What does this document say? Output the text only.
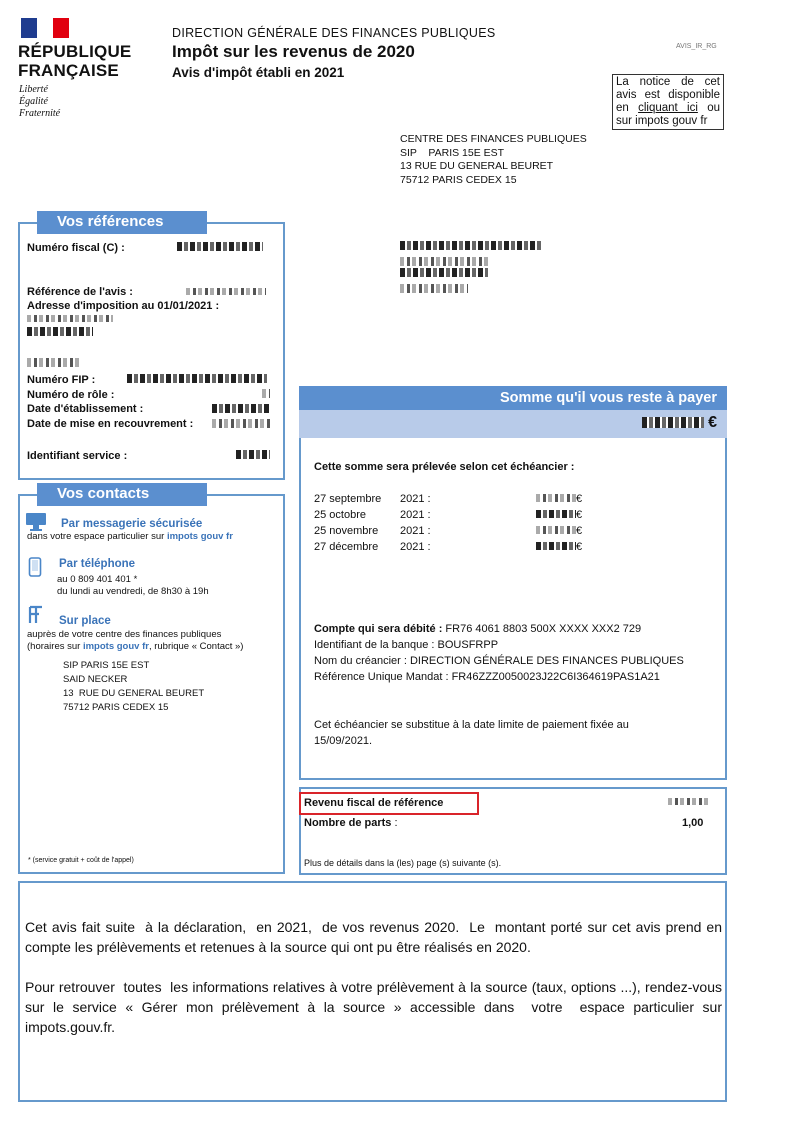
RÉPUBLIQUE
FRANÇAISE
Liberté
Égalité
Fraternité
DIRECTION GÉNÉRALE DES FINANCES PUBLIQUES
Impôt sur les revenus de 2020
Avis d'impôt établi en 2021
AVIS_IR_RG
La notice de cet avis est disponible en cliquant ici ou sur impots gouv fr
CENTRE DES FINANCES PUBLIQUES
SIP    PARIS 15E EST
13 RUE DU GENERAL BEURET
75712 PARIS CEDEX 15
Vos références
Numéro fiscal (C) :
Référence de l'avis :
Adresse d'imposition au 01/01/2021 :
Numéro FIP :
Numéro de rôle :
Date d'établissement :
Date de mise en recouvrement :
Identifiant service :
Vos contacts
Par messagerie sécurisée
dans votre espace particulier sur impots gouv fr
Par téléphone
au 0 809 401 401 *
du lundi au vendredi, de 8h30 à 19h
Sur place
auprès de votre centre des finances publiques
(horaires sur impots gouv fr, rubrique « Contact »)
SIP PARIS 15E EST
SAID NECKER
13  RUE DU GENERAL BEURET
75712 PARIS CEDEX 15
* (service gratuit + coût de l'appel)
Somme qu'il vous reste à payer
€
Cette somme sera prélevée selon cet échéancier :
27 septembre 2021 :
25 octobre	2021 :
25 novembre 2021 :
27 décembre 2021 :
€
€
€
€
Compte qui sera débité : FR76 4061 8803 500X XXXX XXX2 729
Identifiant de la banque : BOUSFRPP
Nom du créancier : DIRECTION GÉNÉRALE DES FINANCES PUBLIQUES
Référence Unique Mandat : FR46ZZZ0050023J22C6I364619PAS1A21
Cet échéancier se substitue à la date limite de paiement fixée au
15/09/2021.
Revenu fiscal de référence
Nombre de parts :	1,00
Plus de détails dans la (les) page (s) suivante (s).
Cet avis fait suite  à la déclaration,  en 2021,  de vos revenus 2020.  Le  montant porté sur cet avis prend en compte les prélèvements et retenues à la source qui ont pu être réalisés en 2020.
Pour retrouver  toutes  les informations relatives à votre prélèvement à la source (taux, options ...), rendez-vous sur le service « Gérer mon prélèvement à la source » accessible dans  votre  espace particulier sur impots.gouv.fr.
